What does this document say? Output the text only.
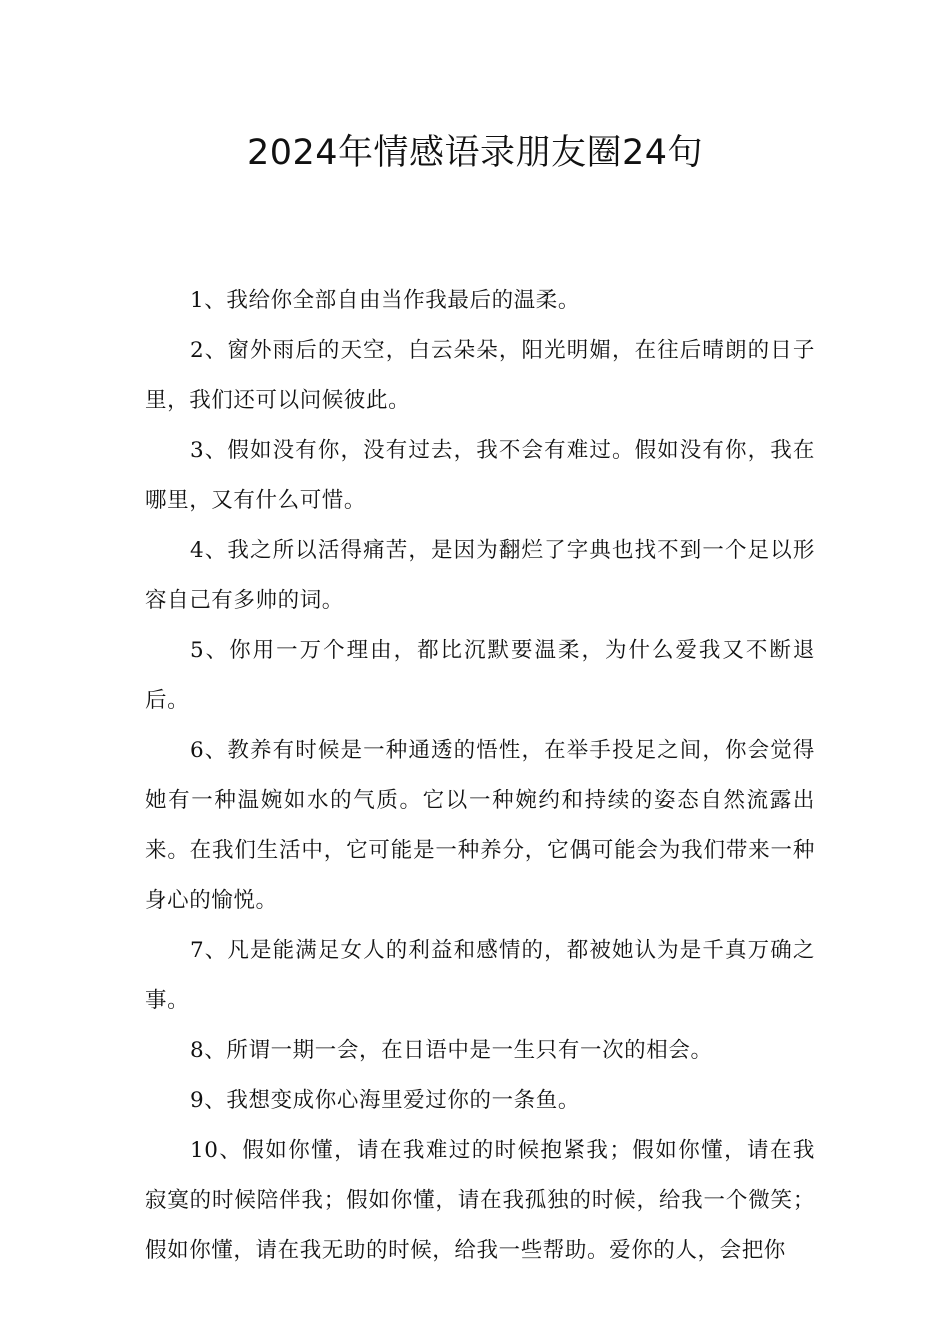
2024年情感语录朋友圈24句

1、我给你全部自由当作我最后的温柔。

2、窗外雨后的天空，白云朵朵，阳光明媚，在往后晴朗的日子里，我们还可以问候彼此。

3、假如没有你，没有过去，我不会有难过。假如没有你，我在哪里，又有什么可惜。

4、我之所以活得痛苦，是因为翻烂了字典也找不到一个足以形容自己有多帅的词。

5、你用一万个理由，都比沉默要温柔，为什么爱我又不断退后。

6、教养有时候是一种通透的悟性，在举手投足之间，你会觉得她有一种温婉如水的气质。它以一种婉约和持续的姿态自然流露出来。在我们生活中，它可能是一种养分，它偶可能会为我们带来一种身心的愉悦。

7、凡是能满足女人的利益和感情的，都被她认为是千真万确之事。

8、所谓一期一会，在日语中是一生只有一次的相会。

9、我想变成你心海里爱过你的一条鱼。

10、假如你懂，请在我难过的时候抱紧我；假如你懂，请在我寂寞的时候陪伴我；假如你懂，请在我孤独的时候，给我一个微笑；假如你懂，请在我无助的时候，给我一些帮助。爱你的人，会把你
